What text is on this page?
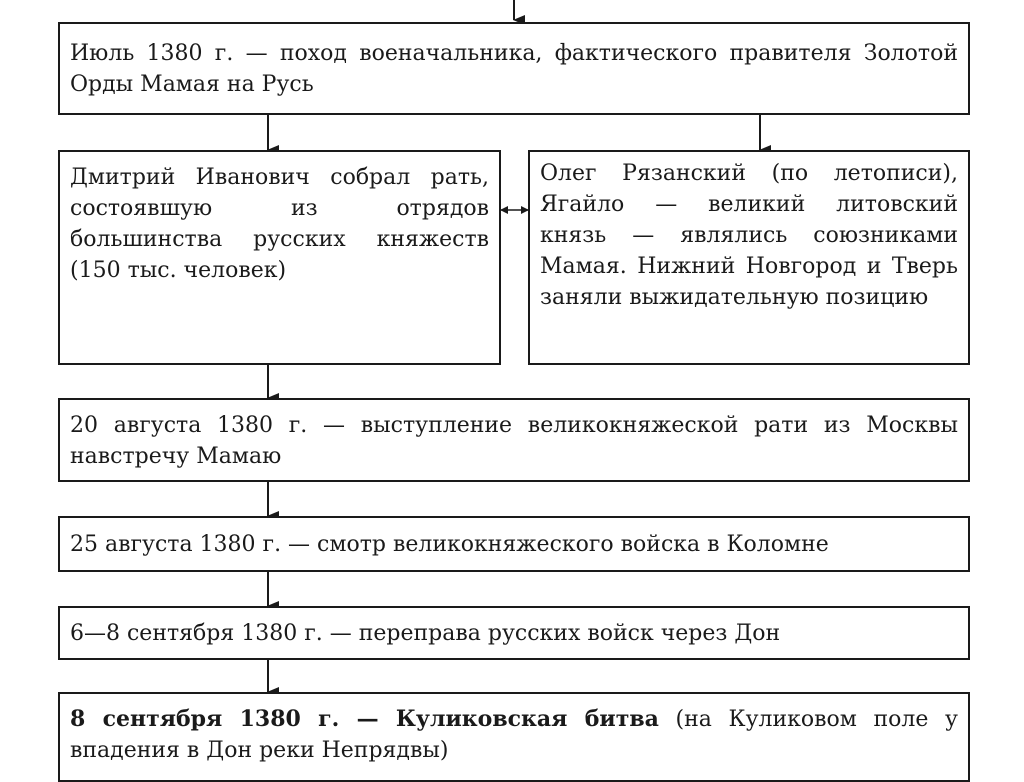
Июль 1380 г. — поход военачальника, фактического правителя Золотой Орды Мамая на Русь
Дмитрий Иванович собрал рать, состоявшую из отрядов большинства русских княжеств (150 тыс. человек)
Олег Рязанский (по летописи), Ягайло — великий литовский князь — являлись союзниками Мамая. Нижний Новгород и Тверь заняли выжидательную позицию
20 августа 1380 г. — выступление великокняжеской рати из Москвы навстречу Мамаю
25 августа 1380 г. — смотр великокняжеского войска в Коломне
6—8 сентября 1380 г. — переправа русских войск через Дон
8 сентября 1380 г. — Куликовская битва (на Куликовом поле у впадения в Дон реки Непрядвы)
